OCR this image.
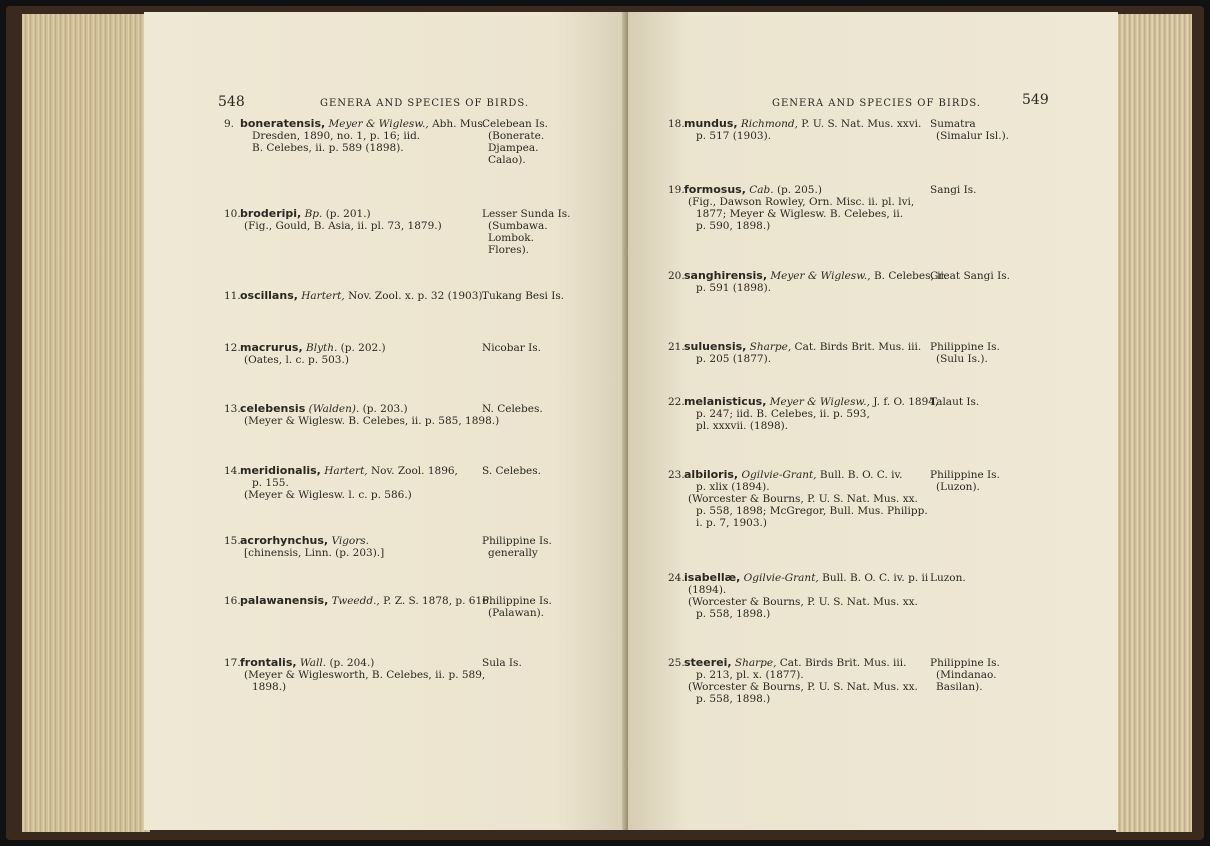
548	GENERA AND SPECIES OF BIRDS.
9. boneratensis, Meyer & Wiglesw., Abh. Mus.
Dresden, 1890, no. 1, p. 16; iid.
B. Celebes, ii. p. 589 (1898).
Celebean Is.
(Bonerate.
Djampea.
Calao).
10.broderipi, Bp. (p. 201.)
(Fig., Gould, B. Asia, ii. pl. 73, 1879.)
Lesser Sunda Is.
(Sumbawa.
Lombok.
Flores).
11.oscillans, Hartert, Nov. Zool. x. p. 32 (1903).
Tukang Besi Is.
12.macrurus, Blyth. (p. 202.)
(Oates, l. c. p. 503.)
Nicobar Is.
13.celebensis (Walden). (p. 203.)
(Meyer & Wiglesw. B. Celebes, ii. p. 585, 1898.)
N. Celebes.
14.meridionalis, Hartert, Nov. Zool. 1896,
p. 155.
(Meyer & Wiglesw. l. c. p. 586.)
S. Celebes.
15.acrorhynchus, Vigors.
[chinensis, Linn. (p. 203).]
Philippine Is.
generally
16.palawanensis, Tweedd., P. Z. S. 1878, p. 616.
Philippine Is.
(Palawan).
17.frontalis, Wall. (p. 204.)
(Meyer & Wiglesworth, B. Celebes, ii. p. 589,
1898.)
Sula Is.
GENERA AND SPECIES OF BIRDS.	549
18.mundus, Richmond, P. U. S. Nat. Mus. xxvi.
p. 517 (1903).
Sumatra
(Simalur Isl.).
19.formosus, Cab. (p. 205.)
(Fig., Dawson Rowley, Orn. Misc. ii. pl. lvi,
1877; Meyer & Wiglesw. B. Celebes, ii.
p. 590, 1898.)
Sangi Is.
20.sanghirensis, Meyer & Wiglesw., B. Celebes, ii.
p. 591 (1898).
Great Sangi Is.
21.suluensis, Sharpe, Cat. Birds Brit. Mus. iii.
p. 205 (1877).
Philippine Is.
(Sulu Is.).
22.melanisticus, Meyer & Wiglesw., J. f. O. 1894,
p. 247; iid. B. Celebes, ii. p. 593,
pl. xxxvii. (1898).
Talaut Is.
23.albiloris, Ogilvie-Grant, Bull. B. O. C. iv.
p. xlix (1894).
(Worcester & Bourns, P. U. S. Nat. Mus. xx.
p. 558, 1898; McGregor, Bull. Mus. Philipp.
i. p. 7, 1903.)
Philippine Is.
(Luzon).
24.isabellæ, Ogilvie-Grant, Bull. B. O. C. iv. p. ii
(1894).
(Worcester & Bourns, P. U. S. Nat. Mus. xx.
p. 558, 1898.)
Luzon.
25.steerei, Sharpe, Cat. Birds Brit. Mus. iii.
p. 213, pl. x. (1877).
(Worcester & Bourns, P. U. S. Nat. Mus. xx.
p. 558, 1898.)
Philippine Is.
(Mindanao.
Basilan).
